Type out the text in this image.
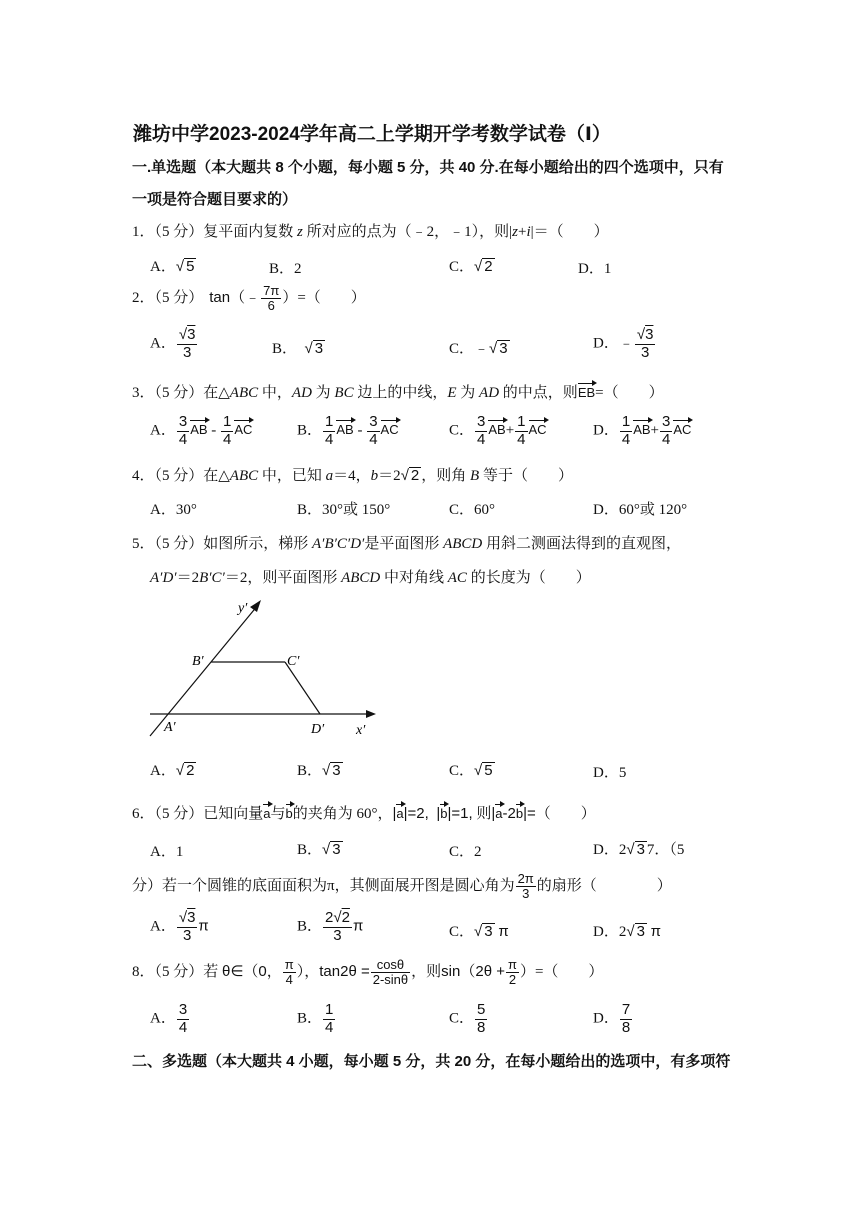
潍坊中学2023-2024学年高二上学期开学考数学试卷（Ⅰ）
一.单选题（本大题共 8 个小题，每小题 5 分，共 40 分.在每小题给出的四个选项中，只有
一项是符合题目要求的）
1．（5 分）复平面内复数 z 所对应的点为（﹣2，﹣1），则|z+i|＝（　　）
A．√ 5	B．2	C．√ 2	D．1
2．（5 分） tan（﹣ $\frac{7\pi}{6}$ ）=（　　）
A． $\frac{√3}{3}$	B．　√ 3	C．﹣√ 3	D．﹣ $\frac{√3}{3}$
3．（5 分）在△ABC 中，AD 为 BC 边上的中线，E 为 AD 的中点，则EB=（　　）
A． $\frac{3}{4}$ AB - $\frac{1}{4}$ AC	B． $\frac{1}{4}$ AB - $\frac{3}{4}$ AC	C． $\frac{3}{4} AB+ \frac{1}{4}$ AC	D． $\frac{1}{4} AB+ \frac{3}{4}$ AC
4．（5 分）在△ABC 中，已知 a＝4，b＝2√ 2 ，则角 B 等于（　　）
A．30°	B．30°或 150°	C．60°	D．60°或 120°
5．（5 分）如图所示，梯形 A′B′C′D′是平面图形 ABCD 用斜二测画法得到的直观图，
A′D′＝2B′C′＝2，则平面图形 ABCD 中对角线 AC 的长度为（　　）
y′
B′	C′
A′	D′ x′
A．√ 2	B．√ 3	C．√ 5	D．5
6．（5 分）已知向量a与b的夹角为 60°，|a|=2, |b|=1, 则|a-2b|=（　　）
A．1	B．√ 3	C．2	D．2√ 3 7．（5
分）若一个圆锥的底面面积为π，其侧面展开图是圆心角为 $\frac{2\pi}{3}$ 的扇形（　　　　）
A． $\frac{√3}{3}$ π	B． $\frac{2√2}{3}$ π	C．√ 3 π	D．2√ 3 π
8．（5 分）若 θ∈（0， $\frac{\pi}{4}$ ），$\tan 2\theta = \frac{\cos\theta}{2-\sin\theta}$ ，则$\sin(2\theta + \frac{\pi}{2}$ ）=（　　）
A． $\frac{3}{4}$	B． $\frac{1}{4}$	C． $\frac{5}{8}$	D． $\frac{7}{8}$
二、多选题（本大题共 4 小题，每小题 5 分，共 20 分，在每小题给出的选项中，有多项符
